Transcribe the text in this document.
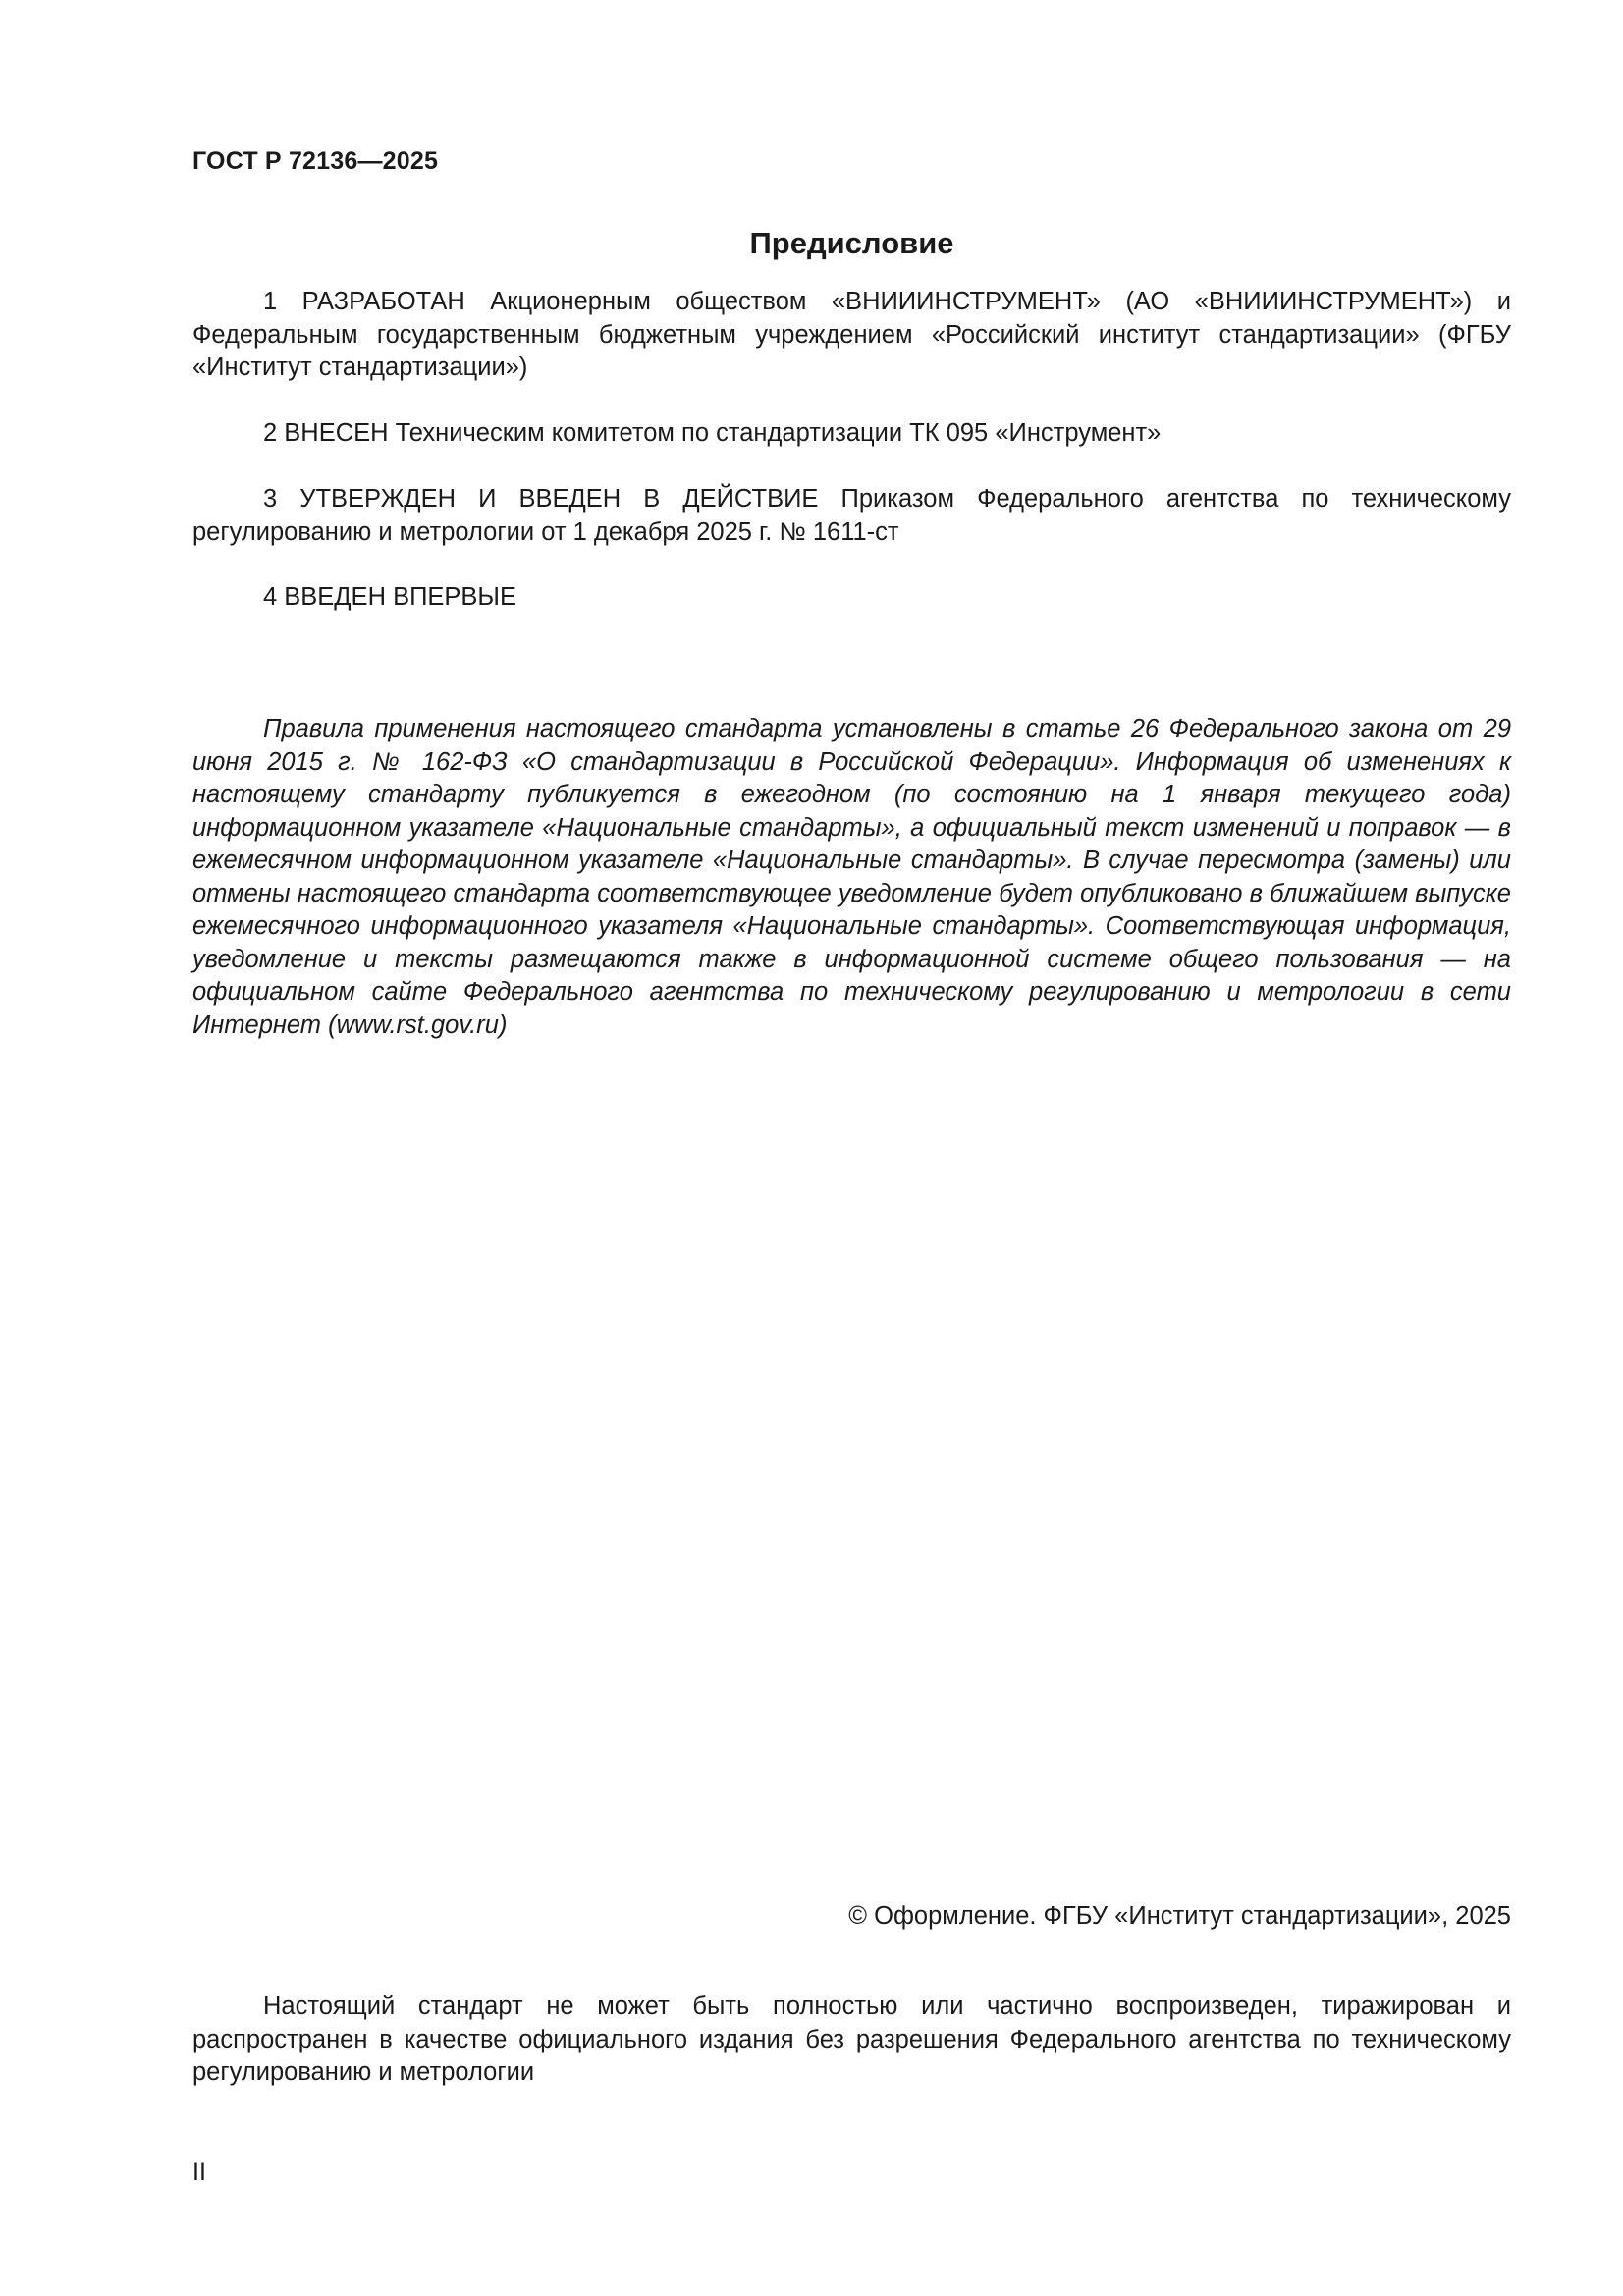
ГОСТ Р 72136—2025
Предисловие

1 РАЗРАБОТАН Акционерным обществом «ВНИИИНСТРУМЕНТ» (АО «ВНИИИНСТРУМЕНТ») и Федеральным государственным бюджетным учреждением «Российский институт стандартизации» (ФГБУ «Институт стандартизации»)

2 ВНЕСЕН Техническим комитетом по стандартизации ТК 095 «Инструмент»

3 УТВЕРЖДЕН И ВВЕДЕН В ДЕЙСТВИЕ Приказом Федерального агентства по техническому регулированию и метрологии от 1 декабря 2025 г. № 1611-ст

4 ВВЕДЕН ВПЕРВЫЕ

Правила применения настоящего стандарта установлены в статье 26 Федерального закона от 29 июня 2015 г. № 162-ФЗ «О стандартизации в Российской Федерации». Информация об изменениях к настоящему стандарту публикуется в ежегодном (по состоянию на 1 января текущего года) информационном указателе «Национальные стандарты», а официальный текст изменений и поправок — в ежемесячном информационном указателе «Национальные стандарты». В случае пересмотра (замены) или отмены настоящего стандарта соответствующее уведомление будет опубликовано в ближайшем выпуске ежемесячного информационного указателя «Национальные стандарты». Соответствующая информация, уведомление и тексты размещаются также в информационной системе общего пользования — на официальном сайте Федерального агентства по техническому регулированию и метрологии в сети Интернет (www.rst.gov.ru)

© Оформление. ФГБУ «Институт стандартизации», 2025

Настоящий стандарт не может быть полностью или частично воспроизведен, тиражирован и распространен в качестве официального издания без разрешения Федерального агентства по техническому регулированию и метрологии

II
